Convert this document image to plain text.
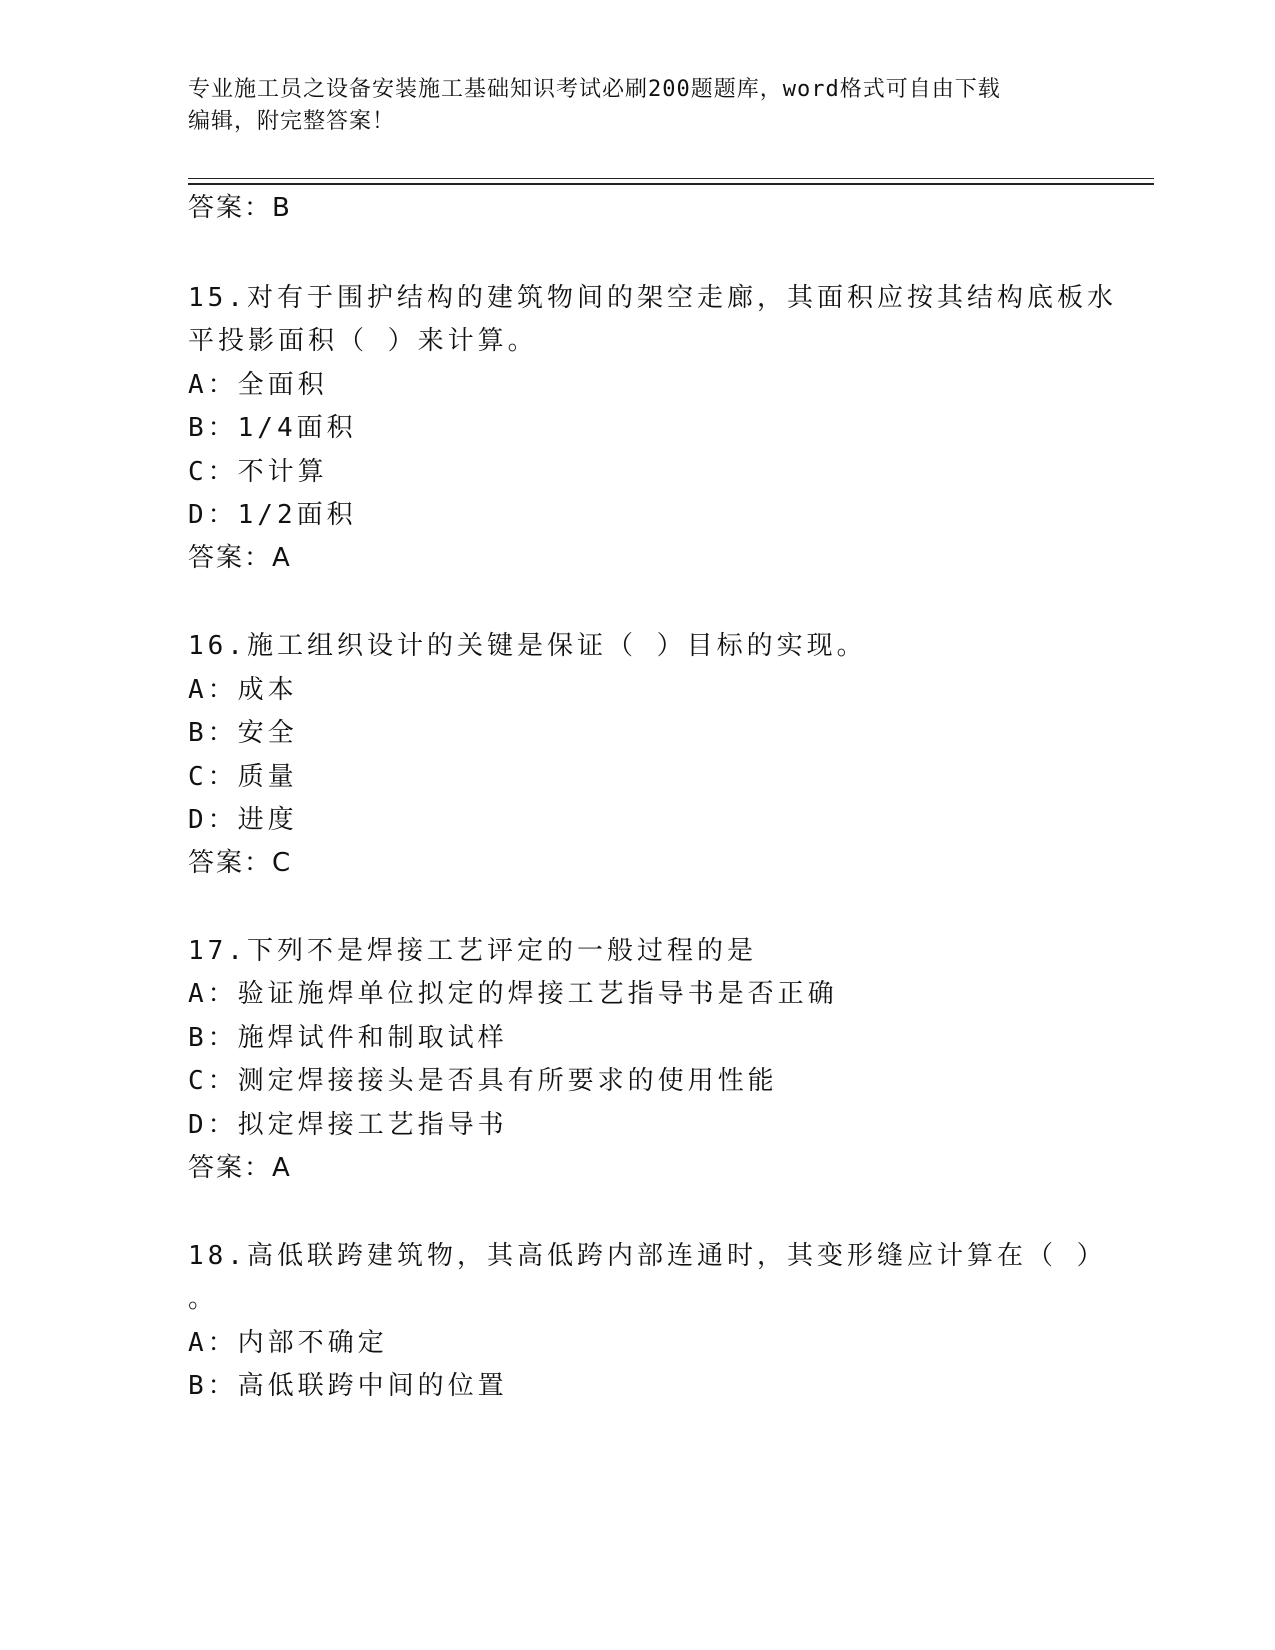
专业施工员之设备安装施工基础知识考试必刷200题题库，word格式可自由下载
编辑，附完整答案！
答案：B
15.对有于围护结构的建筑物间的架空走廊，其面积应按其结构底板水
平投影面积（ ）来计算。
A：全面积
B：1/4面积
C：不计算
D：1/2面积
答案：A
16.施工组织设计的关键是保证（ ）目标的实现。
A：成本
B：安全
C：质量
D：进度
答案：C
17.下列不是焊接工艺评定的一般过程的是
A：验证施焊单位拟定的焊接工艺指导书是否正确
B：施焊试件和制取试样
C：测定焊接接头是否具有所要求的使用性能
D：拟定焊接工艺指导书
答案：A
18.高低联跨建筑物，其高低跨内部连通时，其变形缝应计算在（ ）
。
A：内部不确定
B：高低联跨中间的位置
